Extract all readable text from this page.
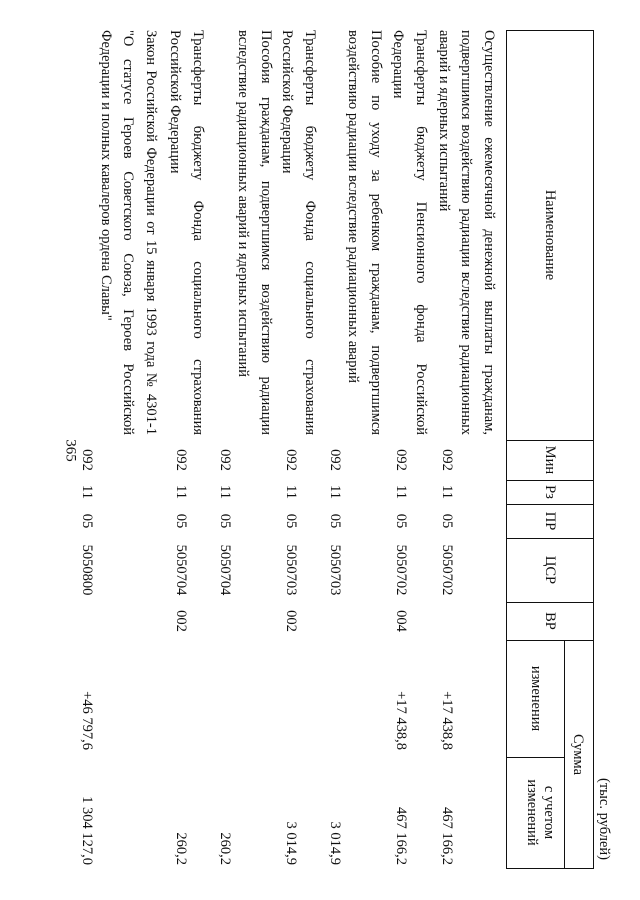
365
(тыс. рублей)
Наименование
Мин
Рз
ПР
ЦСР
ВР
Сумма
изменения
с учетом изменений
Осуществление ежемесячной денежной выплаты гражданам, подвергшимся воздействию радиации вследствие радиационных аварий и ядерных испытаний
092
11
05
5050702
+17 438,8
467 166,2
Трансферты бюджету Пенсионного фонда Российской Федерации
092
11
05
5050702
004
+17 438,8
467 166,2
Пособие по уходу за ребенком гражданам, подвергшимся воздействию радиации вследствие радиационных аварий
092
11
05
5050703
3 014,9
Трансферты бюджету Фонда социального страхования Российской Федерации
092
11
05
5050703
002
3 014,9
Пособия гражданам, подвергшимся воздействию радиации вследствие радиационных аварий и ядерных испытаний
092
11
05
5050704
260,2
Трансферты бюджету Фонда социального страхования Российской Федерации
092
11
05
5050704
002
260,2
Закон Российской Федерации от 15 января 1993 года № 4301-1 "О статусе Героев Советского Союза, Героев Российской Федерации и полных кавалеров ордена Славы"
092
11
05
5050800
+46 797,6
1 304 127,0
